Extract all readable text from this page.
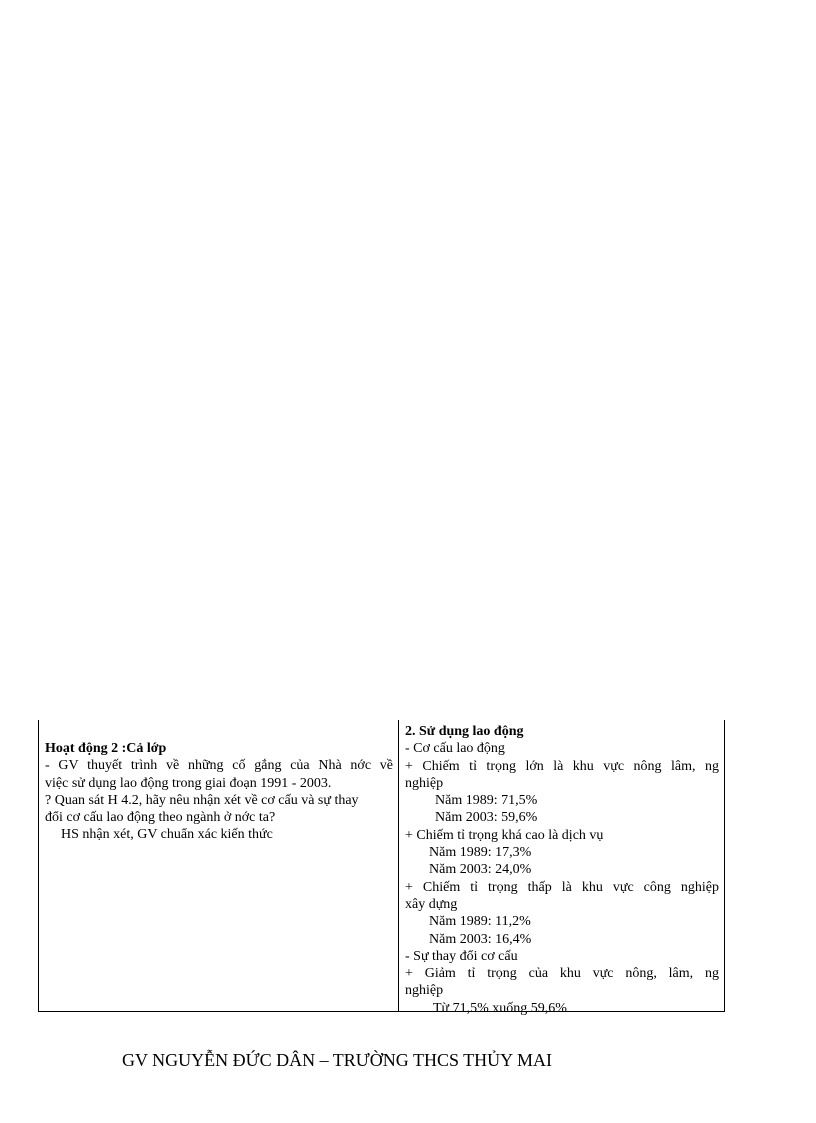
Hoạt động 2 :Cả lớp
- GV thuyết trình về những cố gắng của Nhà nớc về
việc sử dụng lao động trong giai đoạn 1991 - 2003.
? Quan sát H 4.2, hãy nêu nhận xét về cơ cấu và sự thay
đổi cơ cấu lao động theo ngành ở nớc ta?
HS nhận xét, GV chuẩn xác kiến thức
2. Sử dụng lao động
- Cơ cấu lao động
+ Chiếm tỉ trọng lớn là khu vực nông lâm, ng
nghiệp
Năm 1989: 71,5%
Năm 2003: 59,6%
+ Chiếm tỉ trọng khá cao là dịch vụ
Năm 1989: 17,3%
Năm 2003: 24,0%
+ Chiếm tỉ trọng thấp là khu vực công nghiệp
xây dựng
Năm 1989: 11,2%
Năm 2003: 16,4%
- Sự thay đổi cơ cấu
+ Giảm tỉ trọng của khu vực nông, lâm, ng
nghiệp
Từ 71,5% xuống 59,6%
GV NGUYỄN ĐỨC DÂN – TRƯỜNG THCS THỦY MAI
